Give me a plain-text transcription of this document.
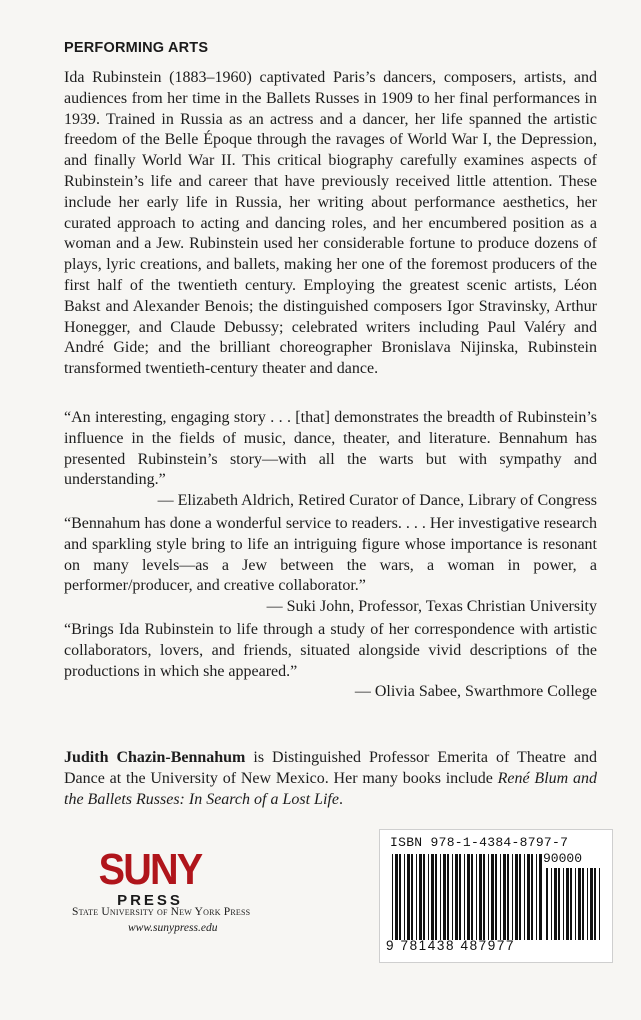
PERFORMING ARTS

Ida Rubinstein (1883–1960) captivated Paris’s dancers, composers, artists, and audiences from her time in the Ballets Russes in 1909 to her final performances in 1939. Trained in Russia as an actress and a dancer, her life spanned the artistic freedom of the Belle Époque through the ravages of World War I, the Depression, and finally World War II. This critical biography carefully examines aspects of Rubinstein’s life and career that have previously received little attention. These include her early life in Russia, her writing about performance aesthetics, her curated approach to acting and dancing roles, and her encumbered position as a woman and a Jew. Rubinstein used her considerable fortune to produce dozens of plays, lyric creations, and ballets, making her one of the foremost producers of the first half of the twentieth century. Employing the greatest scenic artists, Léon Bakst and Alexander Benois; the distinguished composers Igor Stravinsky, Arthur Honegger, and Claude Debussy; celebrated writers including Paul Valéry and André Gide; and the brilliant choreographer Bronislava Nijinska, Rubinstein transformed twentieth-century theater and dance.

“An interesting, engaging story . . . [that] demonstrates the breadth of Rubinstein’s influence in the fields of music, dance, theater, and literature. Bennahum has presented Rubinstein’s story—with all the warts but with sympathy and understanding.”

— Elizabeth Aldrich, Retired Curator of Dance, Library of Congress

“Bennahum has done a wonderful service to readers. . . . Her investigative research and sparkling style bring to life an intriguing figure whose importance is resonant on many levels—as a Jew between the wars, a woman in power, a performer/producer, and creative collaborator.”

— Suki John, Professor, Texas Christian University

“Brings Ida Rubinstein to life through a study of her correspondence with artistic collaborators, lovers, and friends, situated alongside vivid descriptions of the productions in which she appeared.”

— Olivia Sabee, Swarthmore College

Judith Chazin-Bennahum is Distinguished Professor Emerita of Theatre and Dance at the University of New Mexico. Her many books include René Blum and the Ballets Russes: In Search of a Lost Life.

SUNY
PRESS
State University of New York Press
www.sunypress.edu
ISBN 978-1-4384-8797-7
90000
9 781438 487977
